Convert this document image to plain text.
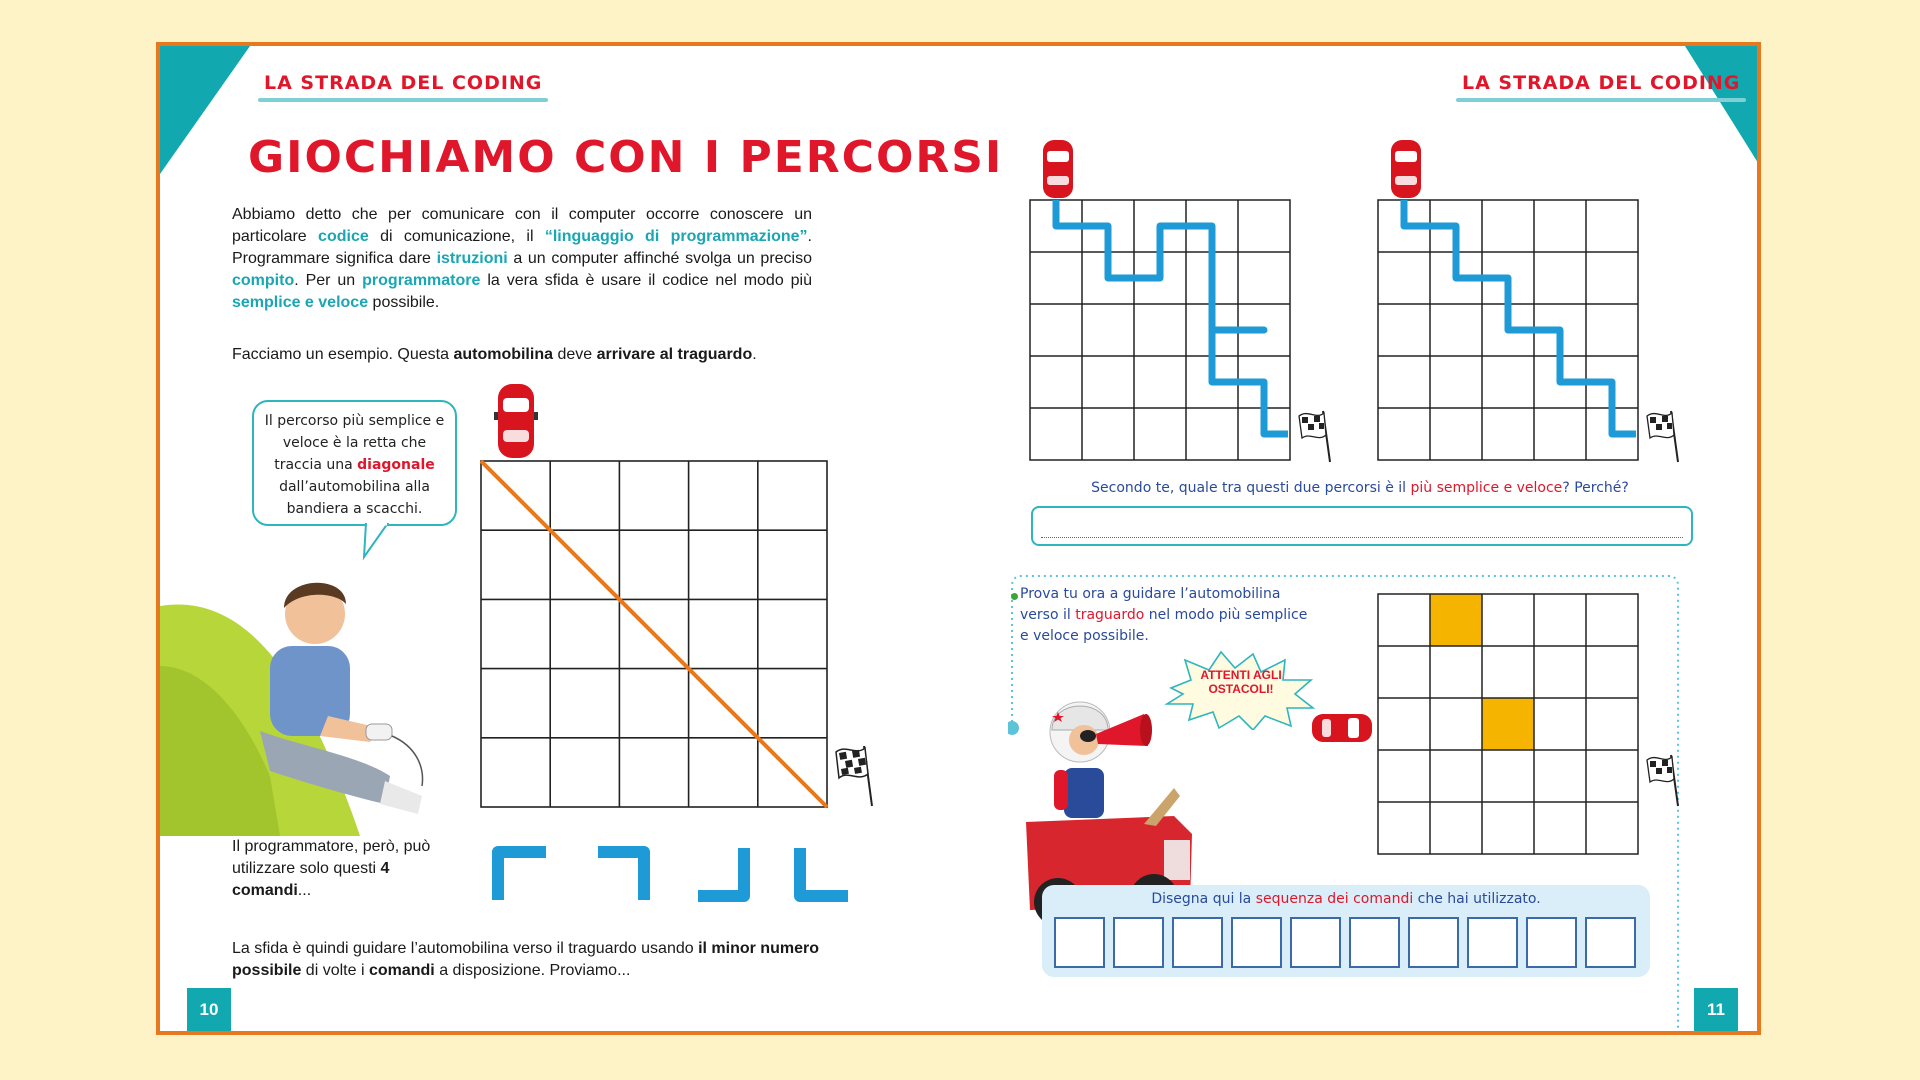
LA STRADA DEL CODING	LA STRADA DEL CODING
GIOCHIAMO CON I PERCORSI
Abbiamo detto che per comunicare con il computer occorre conoscere un particolare codice di comunicazione, il “linguaggio di programmazione”. Programmare significa dare istruzioni a un computer affinché svolga un preciso compito. Per un programmatore la vera sfida è usare il codice nel modo più semplice e veloce possibile.
Facciamo un esempio. Questa automobilina deve arrivare al traguardo.
Il percorso più semplice e veloce è la retta che traccia una diagonale dall’automobilina alla bandiera a scacchi.
Il programmatore, però, può utilizzare solo questi 4 comandi...
La sfida è quindi guidare l’automobilina verso il traguardo usando il minor numero possibile di volte i comandi a disposizione. Proviamo...
10
Secondo te, quale tra questi due percorsi è il più semplice e veloce? Perché?
Prova tu ora a guidare l’automobilina
verso il traguardo nel modo più semplice
e veloce possibile.
ATTENTI AGLI
OSTACOLI!
Disegna qui la sequenza dei comandi che hai utilizzato.
11
